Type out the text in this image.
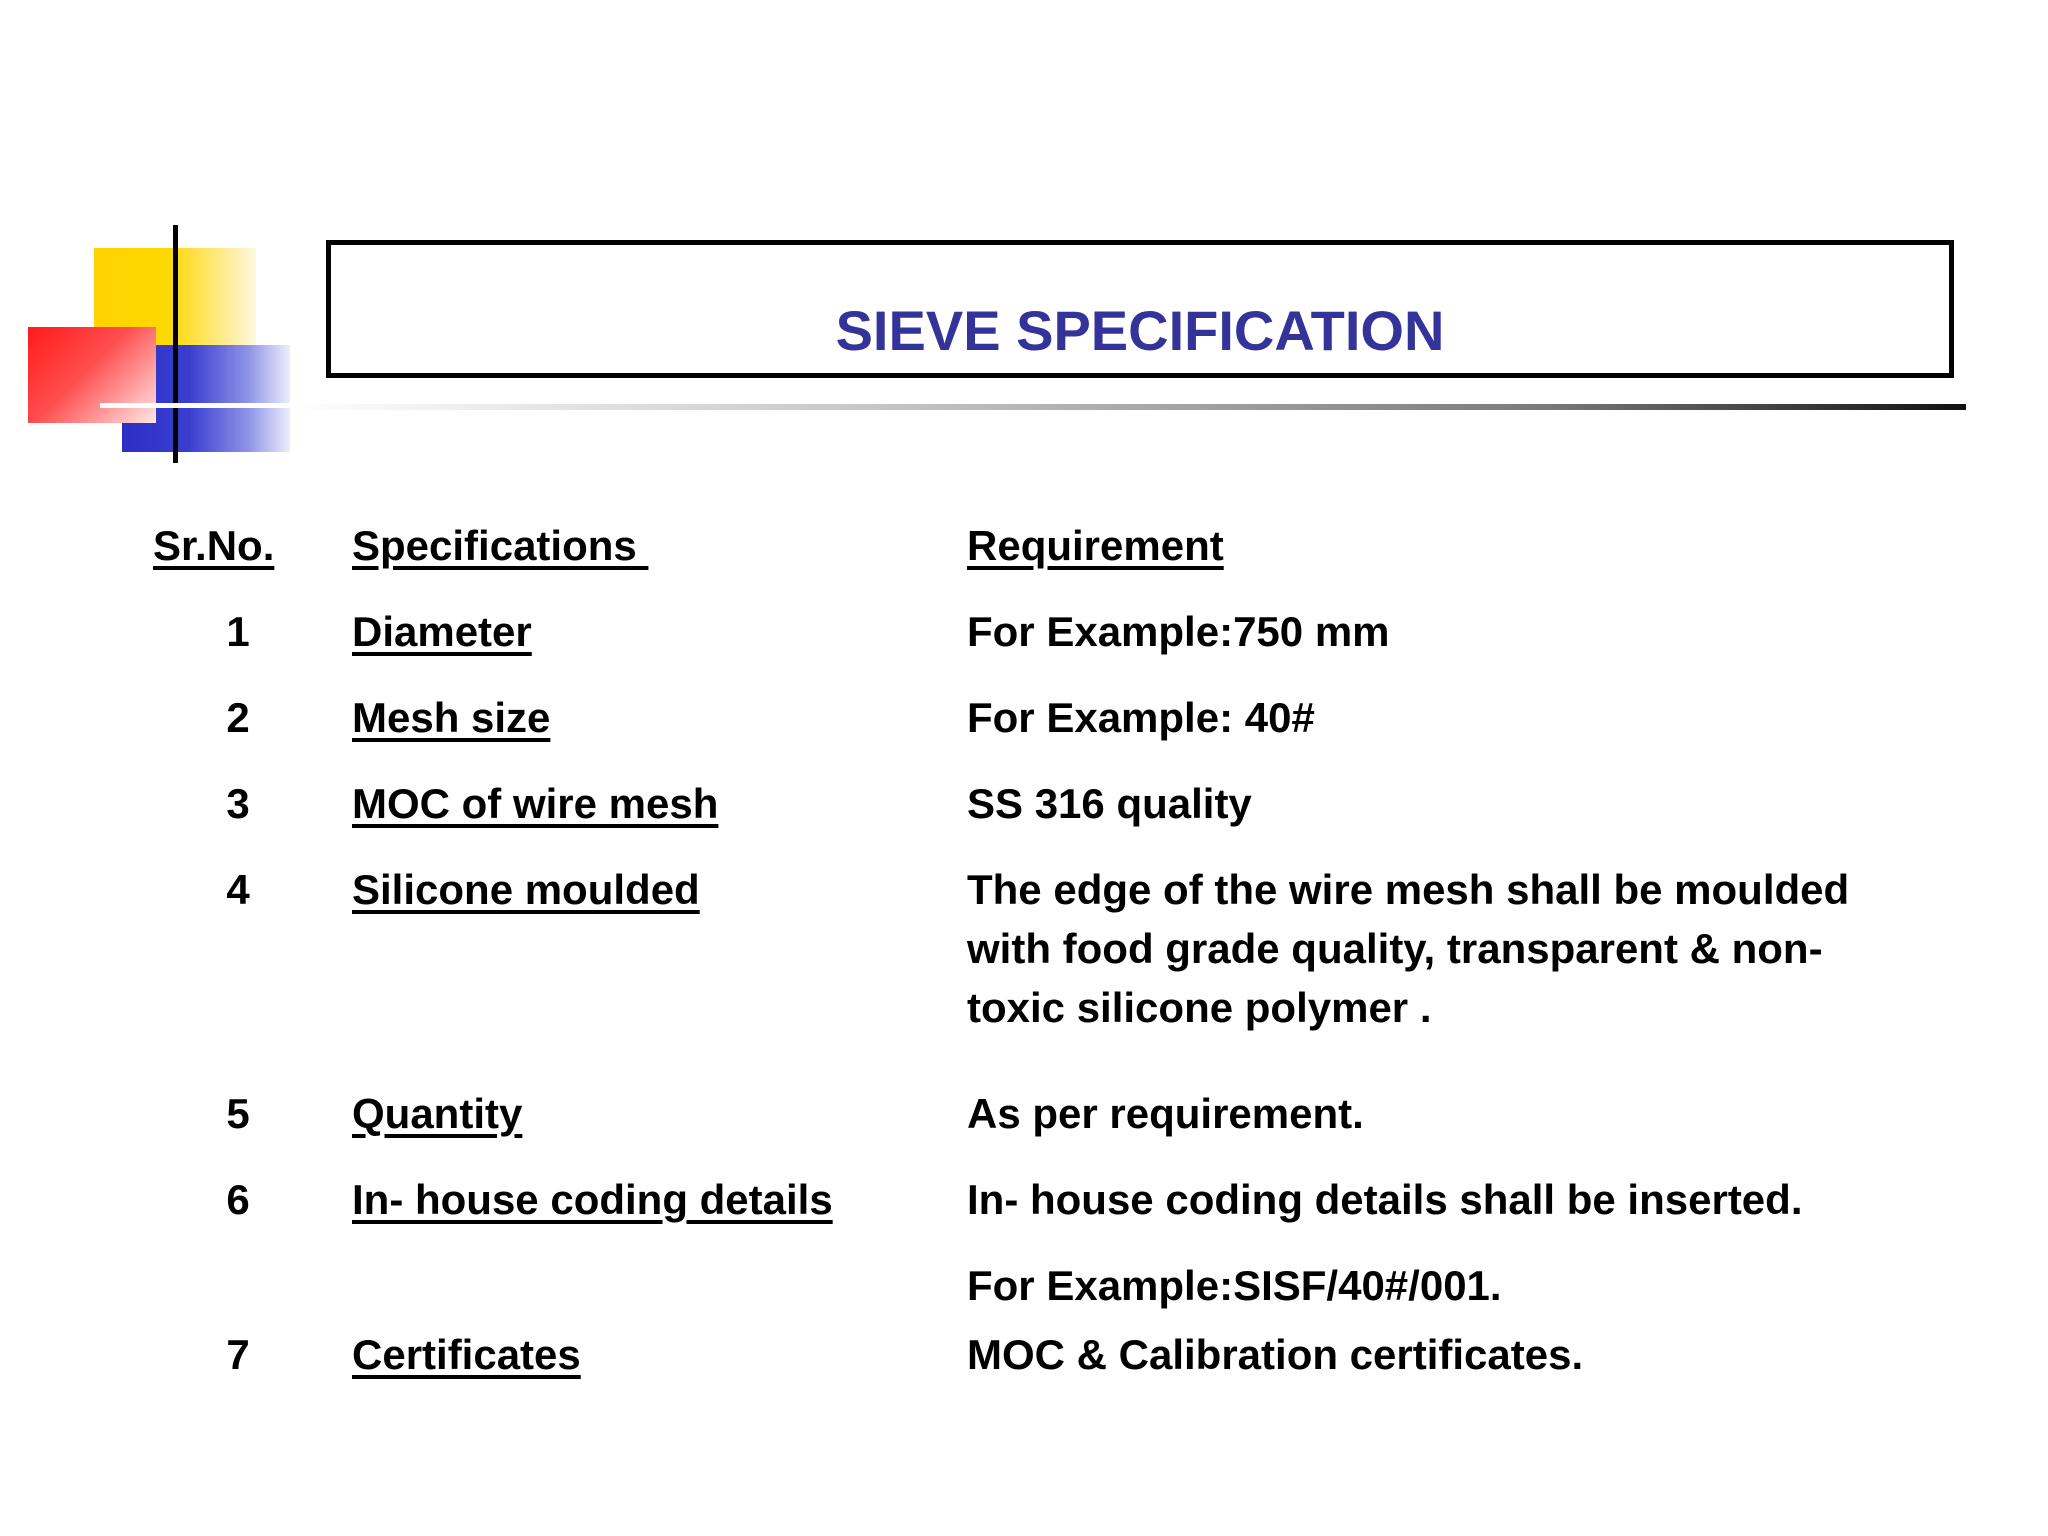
SIEVE SPECIFICATION
Sr.No. Specifications	Requirement
1	Diameter	For Example:750 mm
2	Mesh size	For Example: 40#
3	MOC of wire mesh	SS 316 quality
4	Silicone moulded	The edge of the wire mesh shall be moulded
with food grade quality, transparent & non-
toxic silicone polymer .
5	Quantity	As per requirement.
6	In- house coding details	In- house coding details shall be inserted.
For Example:SISF/40#/001.
7	Certificates	MOC & Calibration certificates.
